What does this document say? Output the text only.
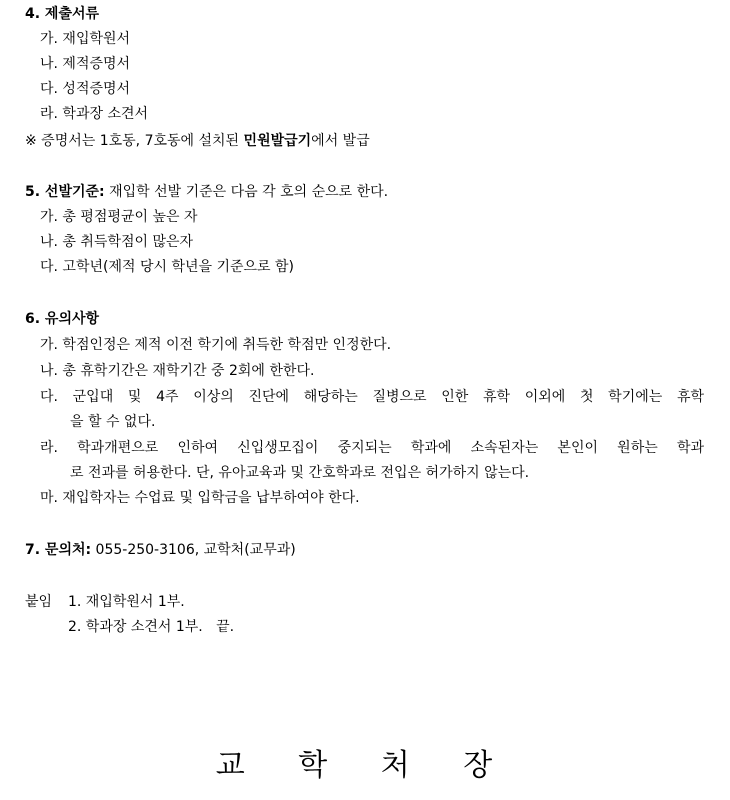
4. 제출서류
가. 재입학원서
나. 제적증명서
다. 성적증명서
라. 학과장 소견서
※ 증명서는 1호동, 7호동에 설치된 민원발급기에서 발급
5. 선발기준: 재입학 선발 기준은 다음 각 호의 순으로 한다.
가. 총 평점평균이 높은 자
나. 총 취득학점이 많은자
다. 고학년(제적 당시 학년을 기준으로 함)
6. 유의사항
가. 학점인정은 제적 이전 학기에 취득한 학점만 인정한다.
나. 총 휴학기간은 재학기간 중 2회에 한한다.
다. 군입대 및 4주 이상의 진단에 해당하는 질병으로 인한 휴학 이외에 첫 학기에는 휴학
을 할 수 없다.
라. 학과개편으로 인하여 신입생모집이 중지되는 학과에 소속된자는 본인이 원하는 학과
로 전과를 허용한다. 단, 유아교육과 및 간호학과로 전입은 허가하지 않는다.
마. 재입학자는 수업료 및 입학금을 납부하여야 한다.
7. 문의처: 055-250-3106, 교학처(교무과)
붙임 1. 재입학원서 1부.
2. 학과장 소견서 1부.   끝.
교 학 처 장
